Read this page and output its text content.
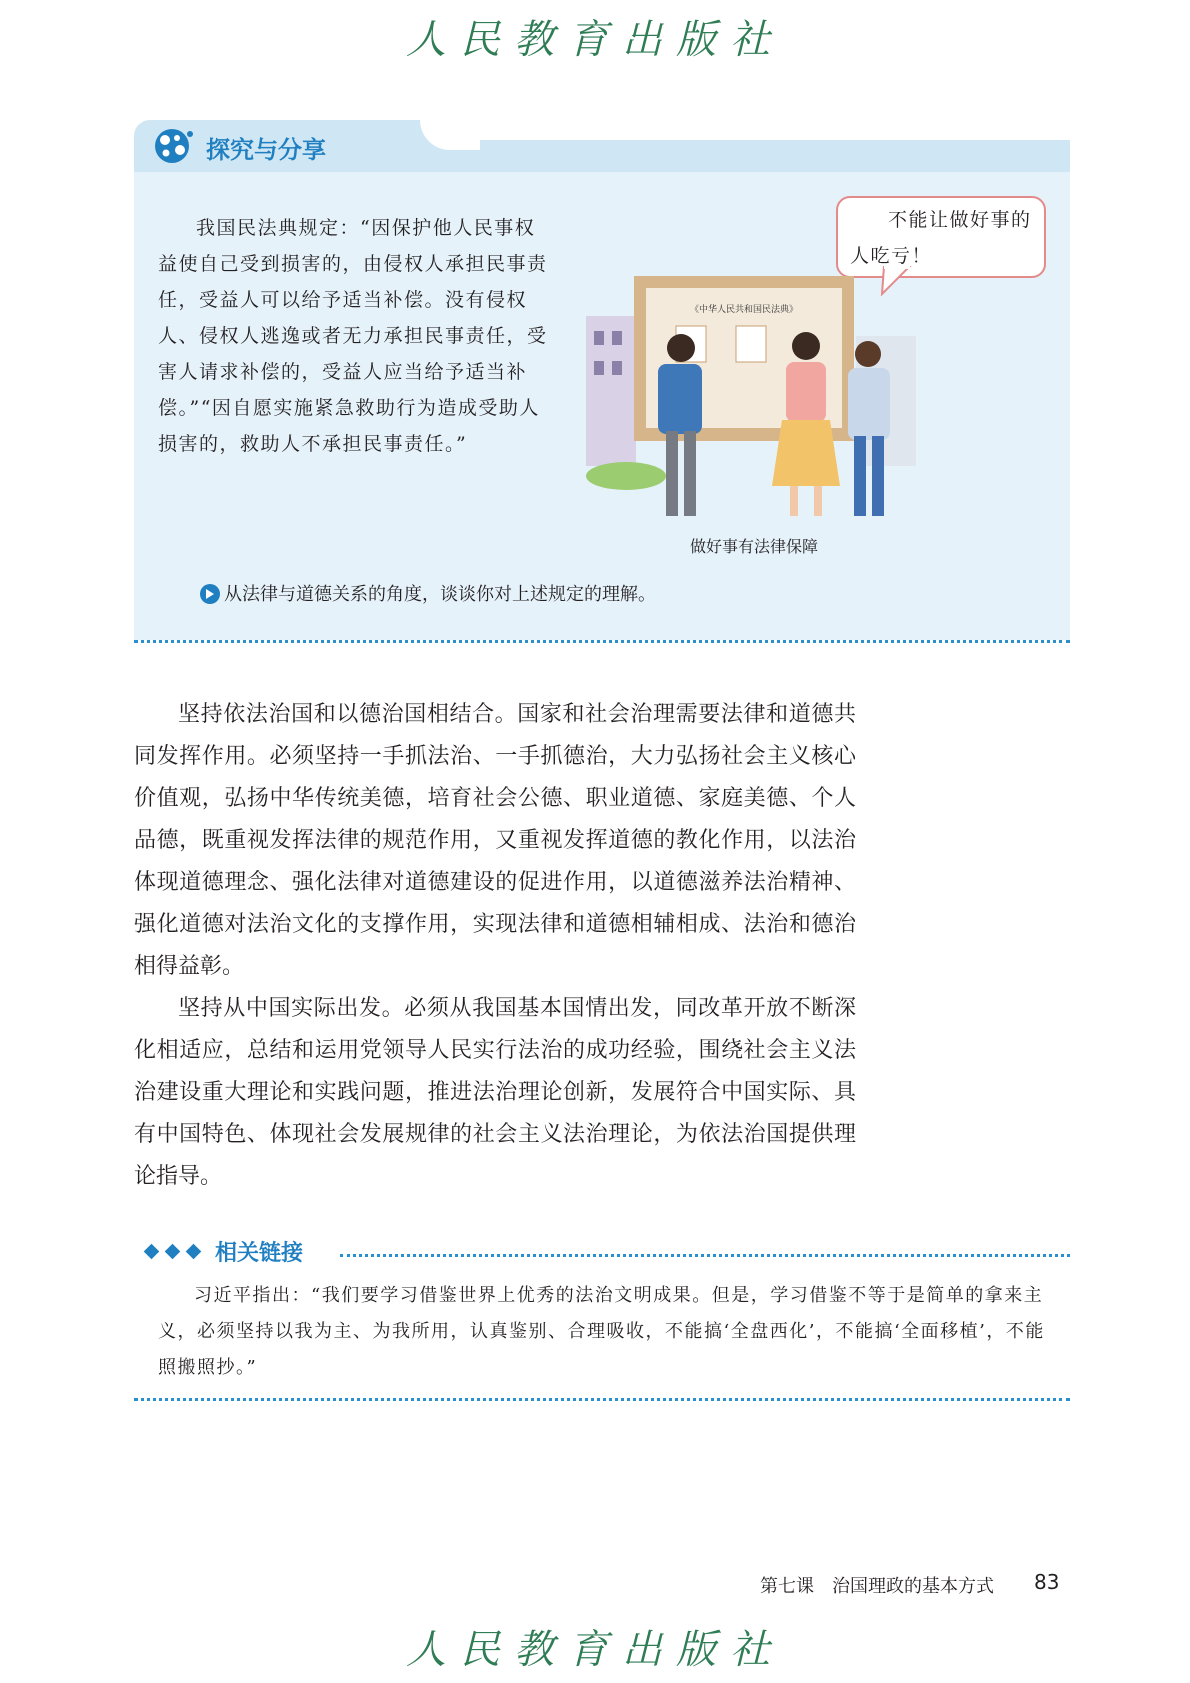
人民教育出版社
探究与分享

我国民法典规定：“因保护他人民事权益使自己受到损害的，由侵权人承担民事责任，受益人可以给予适当补偿。没有侵权人、侵权人逃逸或者无力承担民事责任，受害人请求补偿的，受益人应当给予适当补偿。”“因自愿实施紧急救助行为造成受助人损害的，救助人不承担民事责任。”

不能让做好事的人吃亏！

《中华人民共和国民法典》
做好事有法律保障
从法律与道德关系的角度，谈谈你对上述规定的理解。

坚持依法治国和以德治国相结合。国家和社会治理需要法律和道德共同发挥作用。必须坚持一手抓法治、一手抓德治，大力弘扬社会主义核心价值观，弘扬中华传统美德，培育社会公德、职业道德、家庭美德、个人品德，既重视发挥法律的规范作用，又重视发挥道德的教化作用，以法治体现道德理念、强化法律对道德建设的促进作用，以道德滋养法治精神、强化道德对法治文化的支撑作用，实现法律和道德相辅相成、法治和德治相得益彰。

坚持从中国实际出发。必须从我国基本国情出发，同改革开放不断深化相适应，总结和运用党领导人民实行法治的成功经验，围绕社会主义法治建设重大理论和实践问题，推进法治理论创新，发展符合中国实际、具有中国特色、体现社会发展规律的社会主义法治理论，为依法治国提供理论指导。

相关链接

习近平指出：“我们要学习借鉴世界上优秀的法治文明成果。但是，学习借鉴不等于是简单的拿来主义，必须坚持以我为主、为我所用，认真鉴别、合理吸收，不能搞‘全盘西化’，不能搞‘全面移植’，不能照搬照抄。”

第七课　治国理政的基本方式 83
人民教育出版社
